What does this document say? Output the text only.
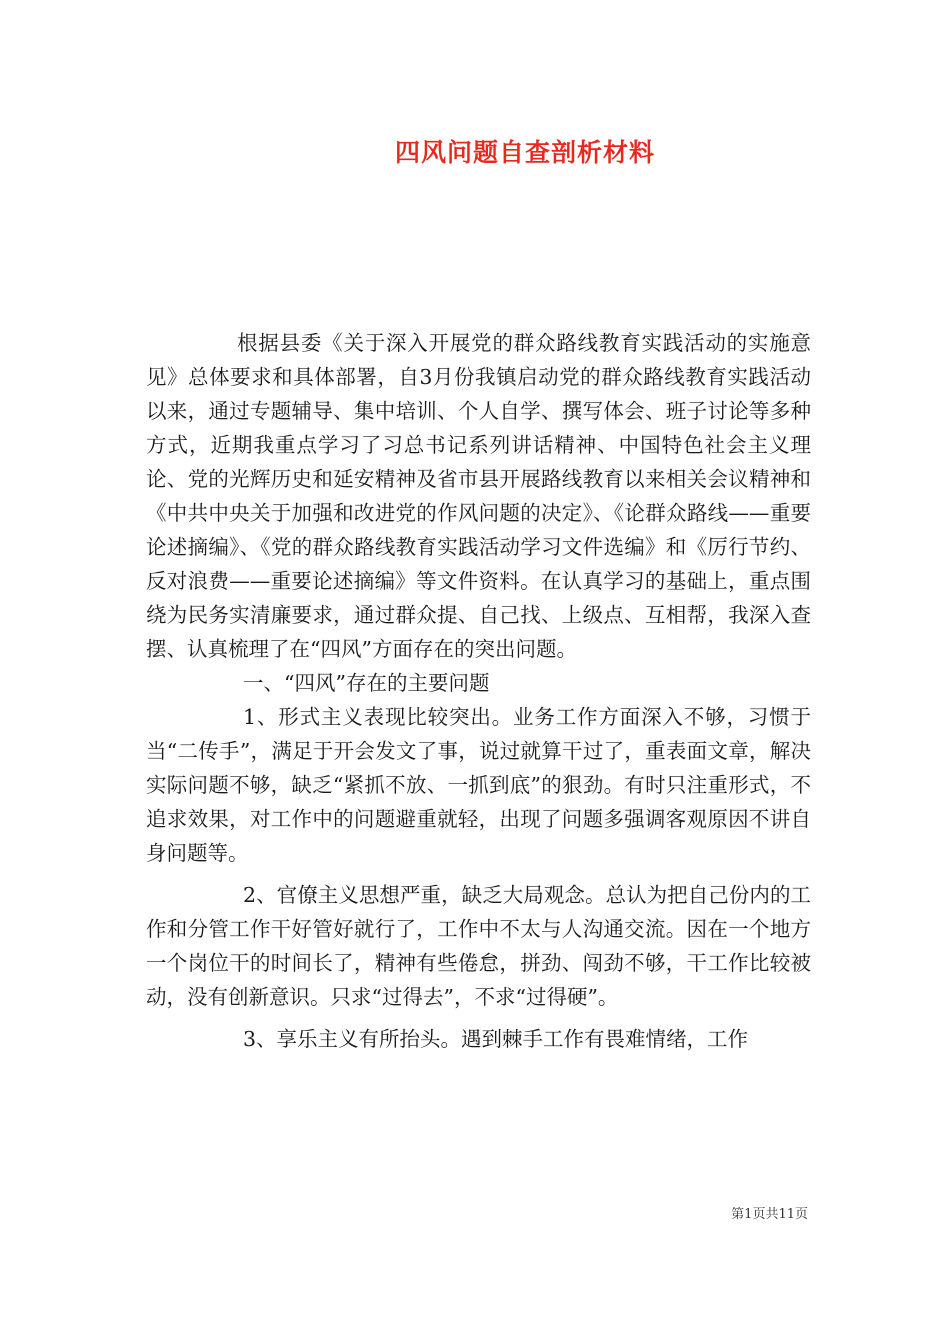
四风问题自查剖析材料

根据县委《关于深入开展党的群众路线教育实践活动的实施意见》总体要求和具体部署，自3月份我镇启动党的群众路线教育实践活动以来，通过专题辅导、集中培训、个人自学、撰写体会、班子讨论等多种方式，近期我重点学习了习总书记系列讲话精神、中国特色社会主义理论、党的光辉历史和延安精神及省市县开展路线教育以来相关会议精神和《中共中央关于加强和改进党的作风问题的决定》、《论群众路线——重要论述摘编》、《党的群众路线教育实践活动学习文件选编》和《厉行节约、反对浪费——重要论述摘编》等文件资料。在认真学习的基础上，重点围绕为民务实清廉要求，通过群众提、自己找、上级点、互相帮，我深入查摆、认真梳理了在“四风”方面存在的突出问题。

一、“四风”存在的主要问题

1、形式主义表现比较突出。业务工作方面深入不够，习惯于当“二传手”，满足于开会发文了事，说过就算干过了，重表面文章，解决实际问题不够，缺乏“紧抓不放、一抓到底”的狠劲。有时只注重形式，不追求效果，对工作中的问题避重就轻，出现了问题多强调客观原因不讲自身问题等。

2、官僚主义思想严重，缺乏大局观念。总认为把自己份内的工作和分管工作干好管好就行了，工作中不太与人沟通交流。因在一个地方一个岗位干的时间长了，精神有些倦怠，拼劲、闯劲不够，干工作比较被动，没有创新意识。只求“过得去”，不求“过得硬”。

3、享乐主义有所抬头。遇到棘手工作有畏难情绪，工作

第1页共11页
